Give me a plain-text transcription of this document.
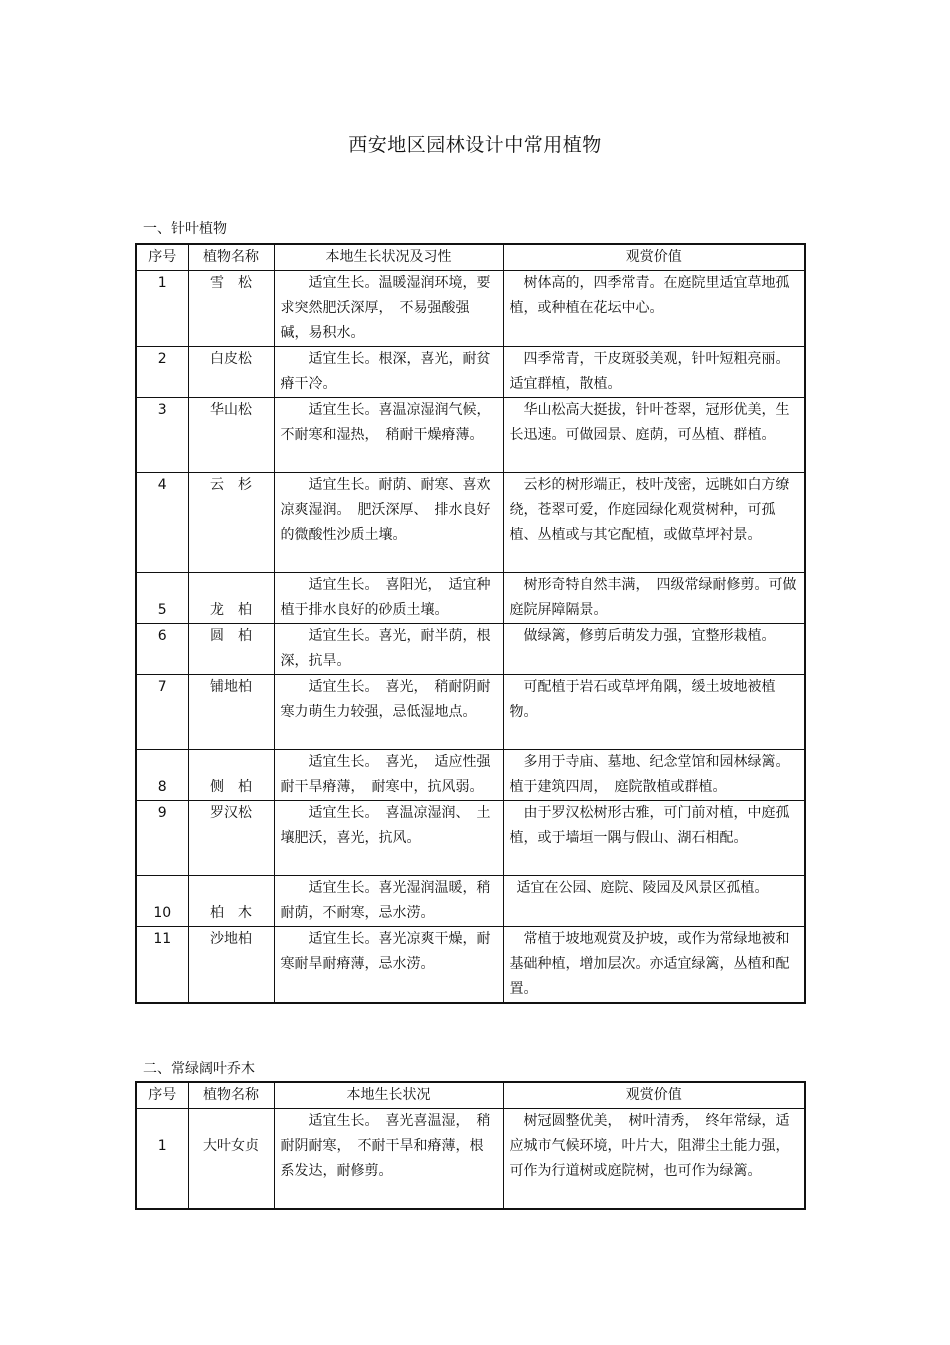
西安地区园林设计中常用植物
一、针叶植物
序号	植物名称	本地生长状况及习性	观赏价值
1	雪　松	适宜生长。温暖湿润环境，要求突然肥沃深厚，　不易强酸强碱，易积水。	树体高的，四季常青。在庭院里适宜草地孤植，或种植在花坛中心。
2	白皮松	适宜生长。根深，喜光，耐贫瘠干冷。	四季常青，干皮斑驳美观，针叶短粗亮丽。适宜群植，散植。
3	华山松	适宜生长。喜温凉湿润气候，不耐寒和湿热，　稍耐干燥瘠薄。	华山松高大挺拔，针叶苍翠，冠形优美，生长迅速。可做园景、庭荫，可丛植、群植。
4	云　杉	适宜生长。耐荫、耐寒、喜欢凉爽湿润。　肥沃深厚、　排水良好的微酸性沙质土壤。	云杉的树形端正，枝叶茂密，远眺如白方缭绕，苍翠可爱，作庭园绿化观赏树种，可孤植、丛植或与其它配植，或做草坪衬景。
5	龙　柏	适宜生长。　喜阳光，　适宜种植于排水良好的砂质土壤。	树形奇特自然丰满，　四级常绿耐修剪。可做庭院屏障隔景。
6	圆　柏	适宜生长。喜光，耐半荫，根深，抗旱。	做绿篱，修剪后萌发力强，宜整形栽植。
7	铺地柏	适宜生长。　喜光，　稍耐阴耐寒力萌生力较强，忌低湿地点。	可配植于岩石或草坪角隅，缓土坡地被植物。
8	侧　柏	适宜生长。　喜光，　适应性强耐干旱瘠薄，　耐寒中，抗风弱。	多用于寺庙、墓地、纪念堂馆和园林绿篱。植于建筑四周，　庭院散植或群植。
9	罗汉松	适宜生长。　喜温凉湿润、　土壤肥沃，喜光，抗风。	由于罗汉松树形古雅，可门前对植，中庭孤植，或于墙垣一隅与假山、湖石相配。
10	柏　木	适宜生长。喜光湿润温暖，稍耐荫，不耐寒，忌水涝。	适宜在公园、庭院、陵园及风景区孤植。
11	沙地柏	适宜生长。喜光凉爽干燥，耐寒耐旱耐瘠薄，忌水涝。	常植于坡地观赏及护坡，或作为常绿地被和基础种植，增加层次。亦适宜绿篱，丛植和配置。
二、常绿阔叶乔木
序号	植物名称	本地生长状况	观赏价值
1	大叶女贞	适宜生长。　喜光喜温湿，　稍耐阴耐寒，　不耐干旱和瘠薄，根系发达，耐修剪。	树冠圆整优美，　树叶清秀，　终年常绿，适应城市气候环境，叶片大，阻滞尘土能力强，可作为行道树或庭院树，也可作为绿篱。
